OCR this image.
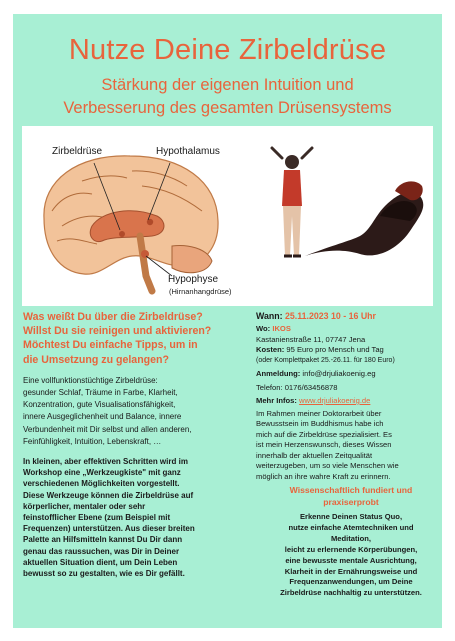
Nutze Deine Zirbeldrüse
Stärkung der eigenen Intuition und
Verbesserung des gesamten Drüsensystems
Zirbeldrüse	Hypothalamus
Hypophyse
(Hirnanhangdrüse)

Was weißt Du über die Zirbeldrüse?

Willst Du sie reinigen und aktivieren?

Möchtest Du einfache Tipps, um in

die Umsetzung zu gelangen?

Eine vollfunktionstüchtige Zirbeldrüse:
gesunder Schlaf, Träume in Farbe, Klarheit,
Konzentration, gute Visualisationsfähigkeit,
innere Ausgeglichenheit und Balance, innere
Verbundenheit mit Dir selbst und allen anderen,
Feinfühligkeit, Intuition, Lebenskraft, …
In kleinen, aber effektiven Schritten wird im
Workshop eine „Werkzeugkiste" mit ganz
verschiedenen Möglichkeiten vorgestellt.
Diese Werkzeuge können die Zirbeldrüse auf
körperlicher, mentaler oder sehr
feinstofflicher Ebene (zum Beispiel mit
Frequenzen) unterstützen. Aus dieser breiten
Palette an Hilfsmitteln kannst Du Dir dann
genau das raussuchen, was Dir in Deiner
aktuellen Situation dient, um Dein Leben
bewusst so zu gestalten, wie es Dir gefällt.

Wann: 25.11.2023 10 - 16 Uhr

Wo: IKOS

Kastanienstraße 11, 07747 Jena

Kosten: 95 Euro pro Mensch und Tag

(oder Komplettpaket 25.-26.11. für 180 Euro)

Anmeldung: info@drjuliakoenig.eg

Telefon: 0176/63456878

Mehr Infos: www.drjuliakoenig.de

Im Rahmen meiner Doktorarbeit über
Bewusstsein im Buddhismus habe ich
mich auf die Zirbeldrüse spezialisiert. Es
ist mein Herzenswunsch, dieses Wissen
innerhalb der aktuellen Zeitqualität
weiterzugeben, um so viele Menschen wie
möglich an ihre wahre Kraft zu erinnern.
Wissenschaftlich fundiert und
praxiserprobt
Erkenne Deinen Status Quo,
nutze einfache Atemtechniken und
Meditation,
leicht zu erlernende Körperübungen,
eine bewusste mentale Ausrichtung,
Klarheit in der Ernährungsweise und
Frequenzanwendungen, um Deine
Zirbeldrüse nachhaltig zu unterstützen.
